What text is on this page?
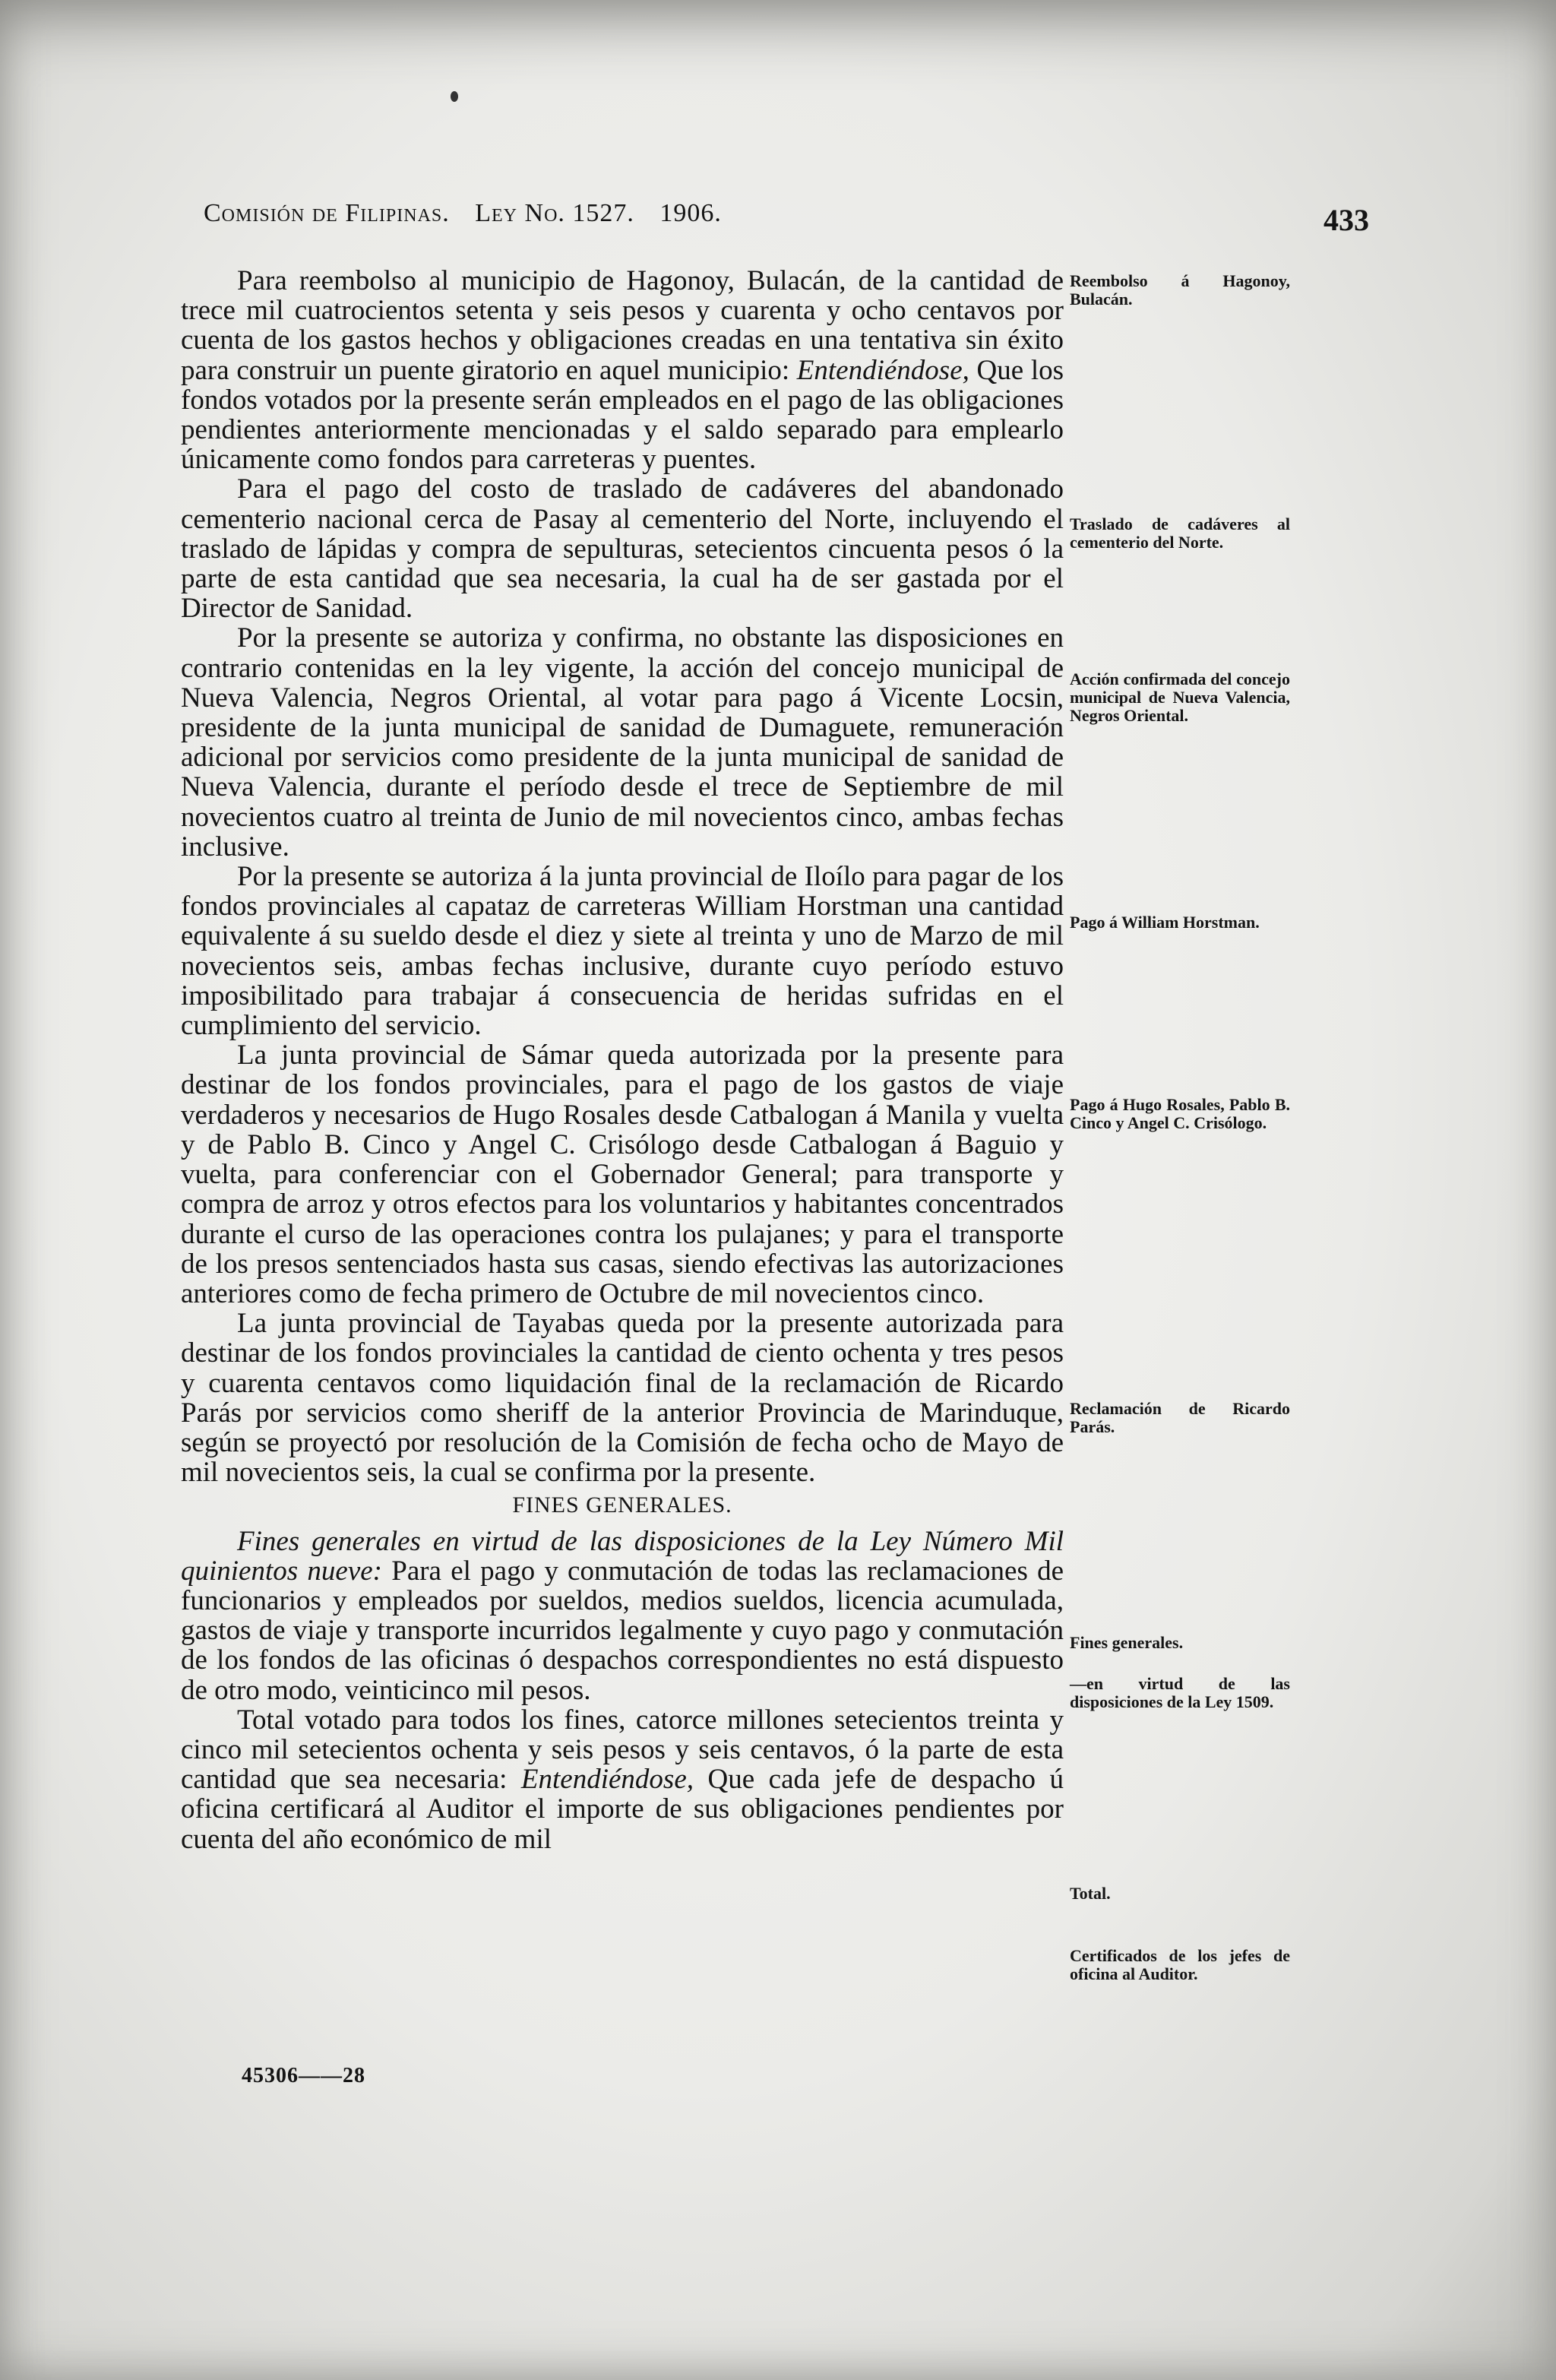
Comisión de Filipinas. Ley No. 1527. 1906.	433

Para reembolso al municipio de Hagonoy, Bulacán, de la cantidad de trece mil cuatrocientos setenta y seis pesos y cuarenta y ocho centavos por cuenta de los gastos hechos y obligaciones creadas en una tentativa sin éxito para construir un puente giratorio en aquel municipio: Entendiéndose, Que los fondos votados por la presente serán empleados en el pago de las obligaciones pendientes anteriormente mencionadas y el saldo separado para emplearlo únicamente como fondos para carreteras y puentes.

Para el pago del costo de traslado de cadáveres del abandonado cementerio nacional cerca de Pasay al cementerio del Norte, incluyendo el traslado de lápidas y compra de sepulturas, setecientos cincuenta pesos ó la parte de esta cantidad que sea necesaria, la cual ha de ser gastada por el Director de Sanidad.

Por la presente se autoriza y confirma, no obstante las disposiciones en contrario contenidas en la ley vigente, la acción del concejo municipal de Nueva Valencia, Negros Oriental, al votar para pago á Vicente Locsin, presidente de la junta municipal de sanidad de Dumaguete, remuneración adicional por servicios como presidente de la junta municipal de sanidad de Nueva Valencia, durante el período desde el trece de Septiembre de mil novecientos cuatro al treinta de Junio de mil novecientos cinco, ambas fechas inclusive.

Por la presente se autoriza á la junta provincial de Iloílo para pagar de los fondos provinciales al capataz de carreteras William Horstman una cantidad equivalente á su sueldo desde el diez y siete al treinta y uno de Marzo de mil novecientos seis, ambas fechas inclusive, durante cuyo período estuvo imposibilitado para trabajar á consecuencia de heridas sufridas en el cumplimiento del servicio.

La junta provincial de Sámar queda autorizada por la presente para destinar de los fondos provinciales, para el pago de los gastos de viaje verdaderos y necesarios de Hugo Rosales desde Catbalogan á Manila y vuelta y de Pablo B. Cinco y Angel C. Crisólogo desde Catbalogan á Baguio y vuelta, para conferenciar con el Gobernador General; para transporte y compra de arroz y otros efectos para los voluntarios y habitantes concentrados durante el curso de las operaciones contra los pulajanes; y para el transporte de los presos sentenciados hasta sus casas, siendo efectivas las autorizaciones anteriores como de fecha primero de Octubre de mil novecientos cinco.

La junta provincial de Tayabas queda por la presente autorizada para destinar de los fondos provinciales la cantidad de ciento ochenta y tres pesos y cuarenta centavos como liquidación final de la reclamación de Ricardo Parás por servicios como sheriff de la anterior Provincia de Marinduque, según se proyectó por resolución de la Comisión de fecha ocho de Mayo de mil novecientos seis, la cual se confirma por la presente.

FINES GENERALES.

Fines generales en virtud de las disposiciones de la Ley Número Mil quinientos nueve: Para el pago y conmutación de todas las reclamaciones de funcionarios y empleados por sueldos, medios sueldos, licencia acumulada, gastos de viaje y transporte incurridos legalmente y cuyo pago y conmutación de los fondos de las oficinas ó despachos correspondientes no está dispuesto de otro modo, veinticinco mil pesos.

Total votado para todos los fines, catorce millones setecientos treinta y cinco mil setecientos ochenta y seis pesos y seis centavos, ó la parte de esta cantidad que sea necesaria: Entendiéndose, Que cada jefe de despacho ú oficina certificará al Auditor el importe de sus obligaciones pendientes por cuenta del año económico de mil

45306——28
Reembolso á Hagonoy, Bulacán.
Traslado de cadáveres al cementerio del Norte.
Acción confirmada del concejo municipal de Nueva Valencia, Negros Oriental.
Pago á William Horstman.
Pago á Hugo Rosales, Pablo B. Cinco y Angel C. Crisólogo.
Reclamación de Ricardo Parás.
Fines generales.
—en virtud de las disposiciones de la Ley 1509.
Total.
Certificados de los jefes de oficina al Auditor.
